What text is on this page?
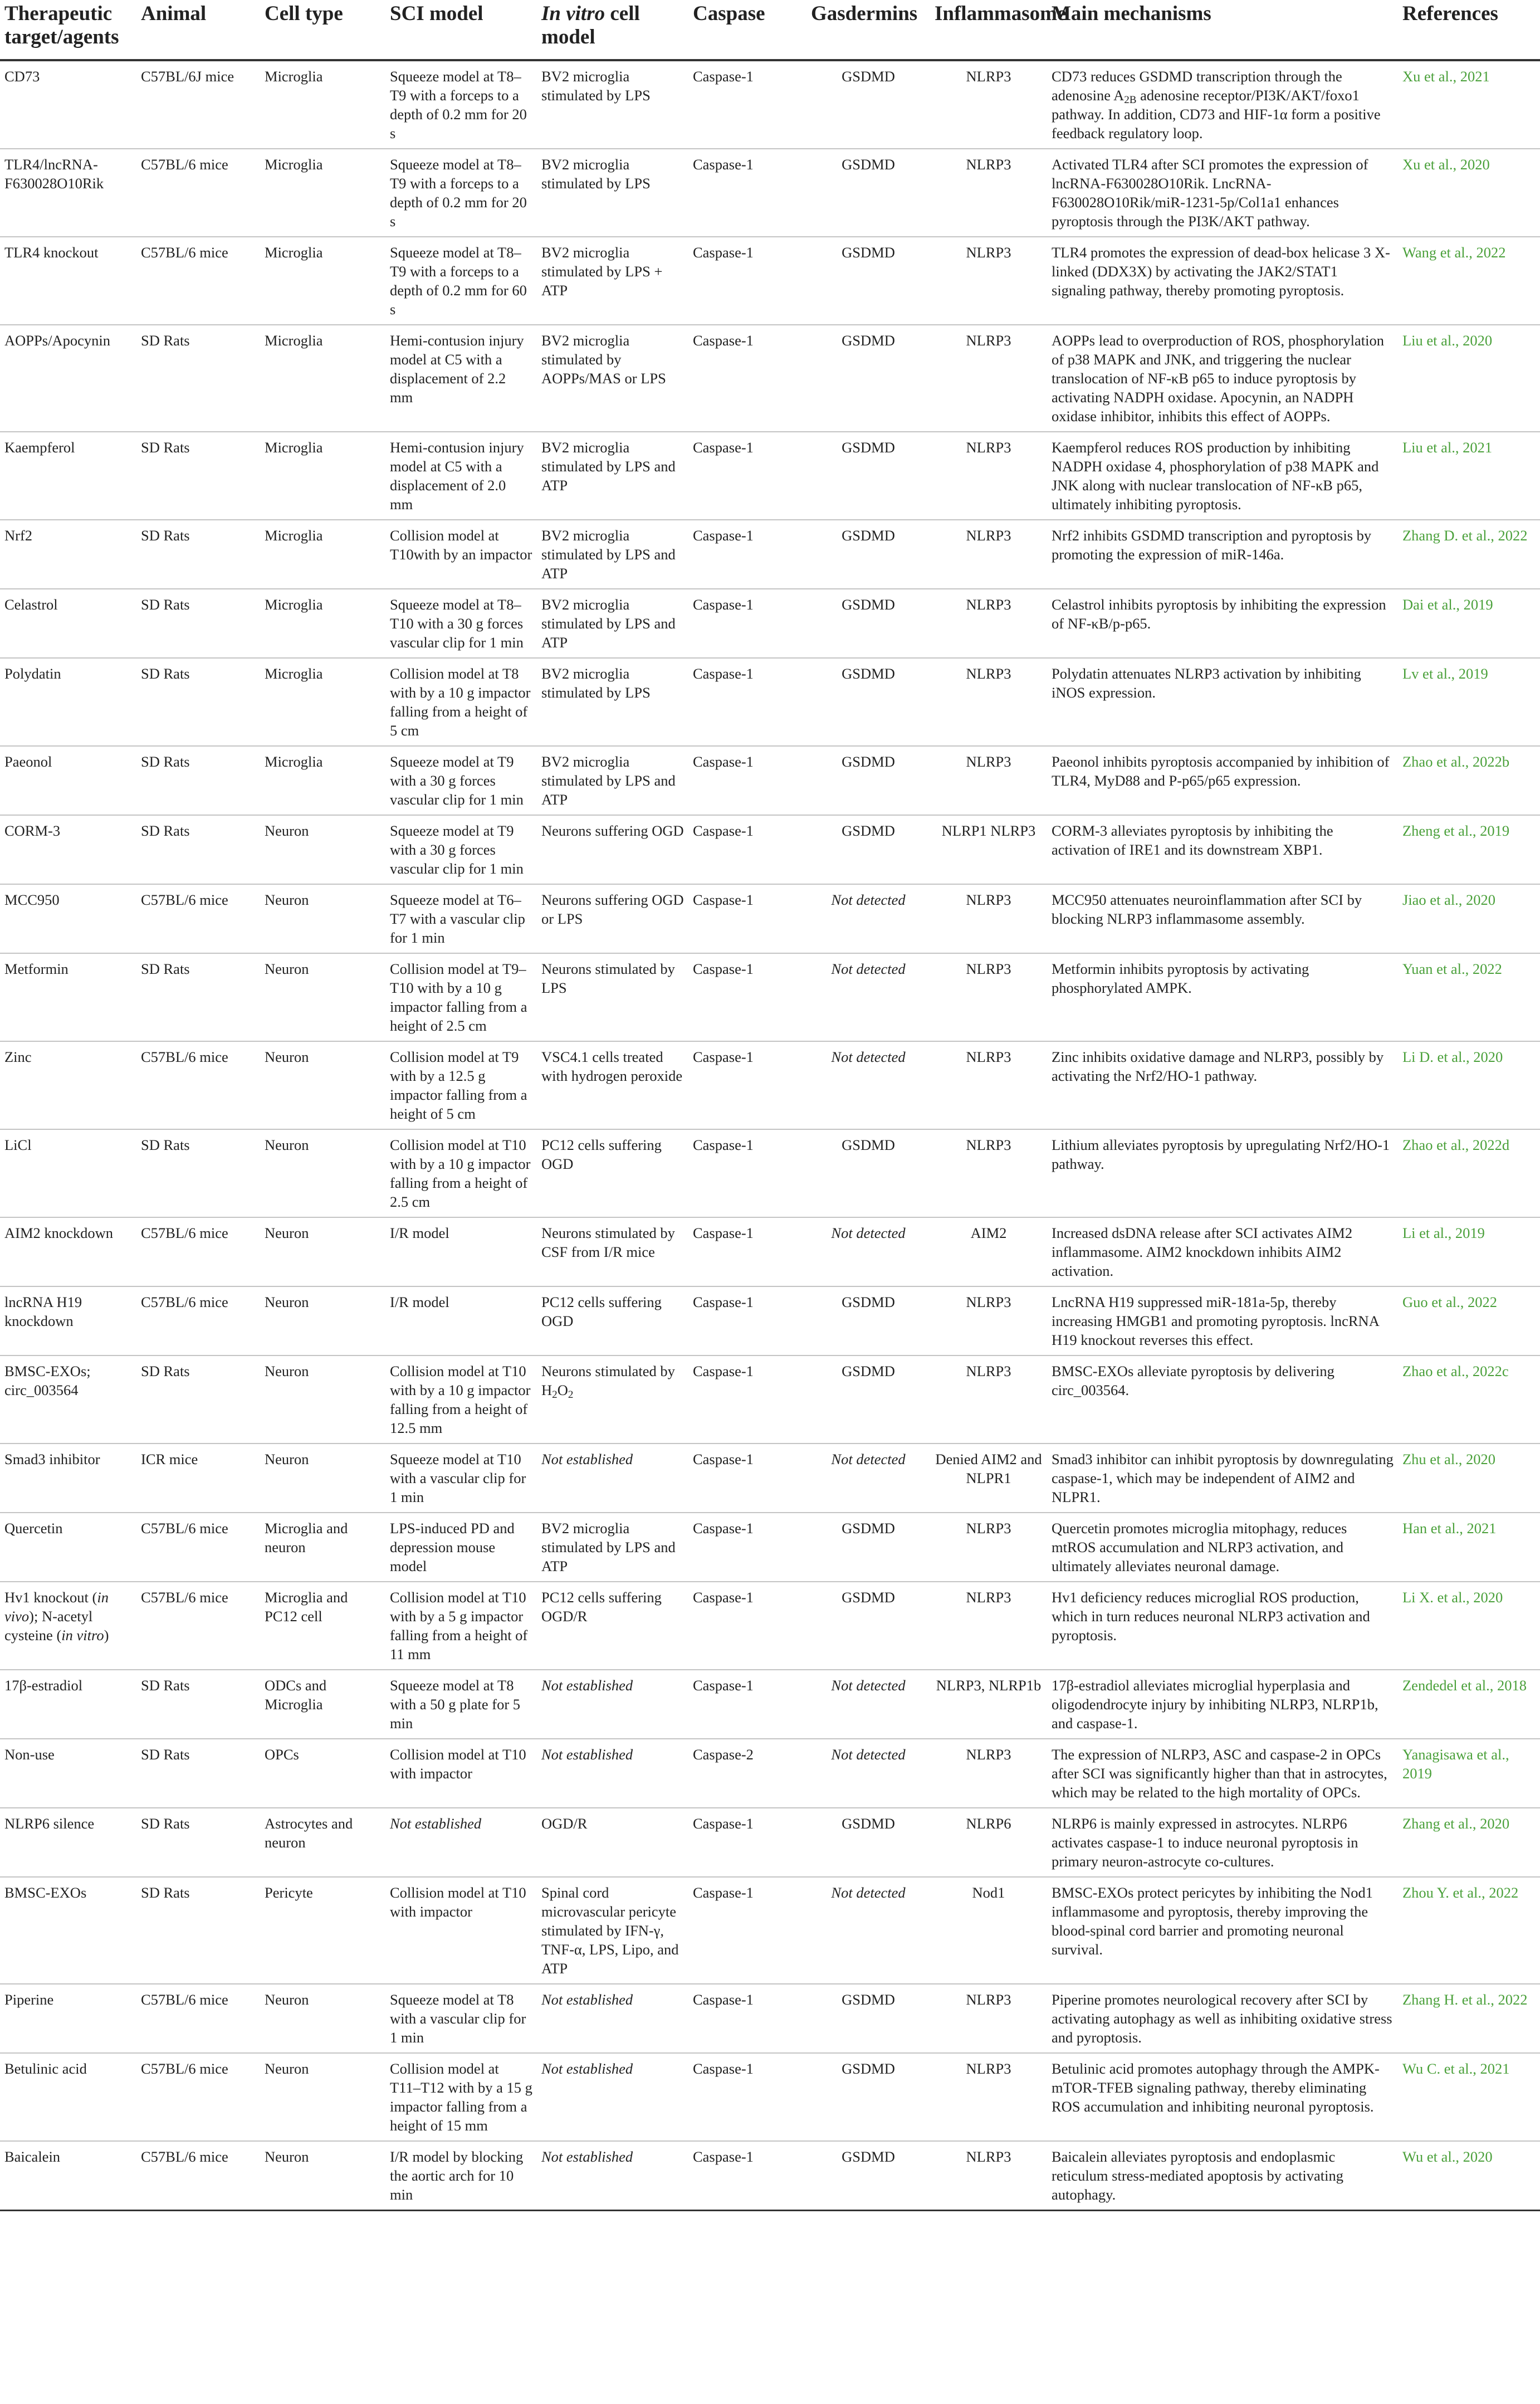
Therapeutic target/agents	Animal	Cell type	SCI model	In vitro cell model	Caspase	Gasdermins	Inflammasome	Main mechanisms	References
CD73	C57BL/6J mice	Microglia	Squeeze model at T8–T9 with a forceps to a depth of 0.2 mm for 20 s	BV2 microglia stimulated by LPS	Caspase-1	GSDMD	NLRP3	CD73 reduces GSDMD transcription through the adenosine $A_{2B}$ adenosine receptor/PI3K/AKT/foxo1 pathway. In addition, CD73 and HIF-1α form a positive feedback regulatory loop.	Xu et al., 2021
TLR4/lncRNA-F630028O10Rik	C57BL/6 mice	Microglia	Squeeze model at T8–T9 with a forceps to a depth of 0.2 mm for 20 s	BV2 microglia stimulated by LPS	Caspase-1	GSDMD	NLRP3	Activated TLR4 after SCI promotes the expression of lncRNA-F630028O10Rik. LncRNA-F630028O10Rik/miR-1231-5p/Col1a1 enhances pyroptosis through the PI3K/AKT pathway.	Xu et al., 2020
TLR4 knockout	C57BL/6 mice	Microglia	Squeeze model at T8–T9 with a forceps to a depth of 0.2 mm for 60 s	BV2 microglia stimulated by LPS + ATP	Caspase-1	GSDMD	NLRP3	TLR4 promotes the expression of dead-box helicase 3 X-linked (DDX3X) by activating the JAK2/STAT1 signaling pathway, thereby promoting pyroptosis.	Wang et al., 2022
AOPPs/Apocynin	SD Rats	Microglia	Hemi-contusion injury model at C5 with a displacement of 2.2 mm	BV2 microglia stimulated by AOPPs/MAS or LPS	Caspase-1	GSDMD	NLRP3	AOPPs lead to overproduction of ROS, phosphorylation of p38 MAPK and JNK, and triggering the nuclear translocation of NF-κB p65 to induce pyroptosis by activating NADPH oxidase. Apocynin, an NADPH oxidase inhibitor, inhibits this effect of AOPPs.	Liu et al., 2020
Kaempferol	SD Rats	Microglia	Hemi-contusion injury model at C5 with a displacement of 2.0 mm	BV2 microglia stimulated by LPS and ATP	Caspase-1	GSDMD	NLRP3	Kaempferol reduces ROS production by inhibiting NADPH oxidase 4, phosphorylation of p38 MAPK and JNK along with nuclear translocation of NF-κB p65, ultimately inhibiting pyroptosis.	Liu et al., 2021
Nrf2	SD Rats	Microglia	Collision model at T10with by an impactor	BV2 microglia stimulated by LPS and ATP	Caspase-1	GSDMD	NLRP3	Nrf2 inhibits GSDMD transcription and pyroptosis by promoting the expression of miR-146a.	Zhang D. et al., 2022
Celastrol	SD Rats	Microglia	Squeeze model at T8–T10 with a 30 g forces vascular clip for 1 min	BV2 microglia stimulated by LPS and ATP	Caspase-1	GSDMD	NLRP3	Celastrol inhibits pyroptosis by inhibiting the expression of NF-κB/p-p65.	Dai et al., 2019
Polydatin	SD Rats	Microglia	Collision model at T8 with by a 10 g impactor falling from a height of 5 cm	BV2 microglia stimulated by LPS	Caspase-1	GSDMD	NLRP3	Polydatin attenuates NLRP3 activation by inhibiting iNOS expression.	Lv et al., 2019
Paeonol	SD Rats	Microglia	Squeeze model at T9 with a 30 g forces vascular clip for 1 min	BV2 microglia stimulated by LPS and ATP	Caspase-1	GSDMD	NLRP3	Paeonol inhibits pyroptosis accompanied by inhibition of TLR4, MyD88 and P-p65/p65 expression.	Zhao et al., 2022b
CORM-3	SD Rats	Neuron	Squeeze model at T9 with a 30 g forces vascular clip for 1 min	Neurons suffering OGD	Caspase-1	GSDMD	NLRP1 NLRP3	CORM-3 alleviates pyroptosis by inhibiting the activation of IRE1 and its downstream XBP1.	Zheng et al., 2019
MCC950	C57BL/6 mice	Neuron	Squeeze model at T6–T7 with a vascular clip for 1 min	Neurons suffering OGD or LPS	Caspase-1	Not detected	NLRP3	MCC950 attenuates neuroinflammation after SCI by blocking NLRP3 inflammasome assembly.	Jiao et al., 2020
Metformin	SD Rats	Neuron	Collision model at T9–T10 with by a 10 g impactor falling from a height of 2.5 cm	Neurons stimulated by LPS	Caspase-1	Not detected	NLRP3	Metformin inhibits pyroptosis by activating phosphorylated AMPK.	Yuan et al., 2022
Zinc	C57BL/6 mice	Neuron	Collision model at T9 with by a 12.5 g impactor falling from a height of 5 cm	VSC4.1 cells treated with hydrogen peroxide	Caspase-1	Not detected	NLRP3	Zinc inhibits oxidative damage and NLRP3, possibly by activating the Nrf2/HO-1 pathway.	Li D. et al., 2020
LiCl	SD Rats	Neuron	Collision model at T10 with by a 10 g impactor falling from a height of 2.5 cm	PC12 cells suffering OGD	Caspase-1	GSDMD	NLRP3	Lithium alleviates pyroptosis by upregulating Nrf2/HO-1 pathway.	Zhao et al., 2022d
AIM2 knockdown	C57BL/6 mice	Neuron	I/R model	Neurons stimulated by CSF from I/R mice	Caspase-1	Not detected	AIM2	Increased dsDNA release after SCI activates AIM2 inflammasome. AIM2 knockdown inhibits AIM2 activation.	Li et al., 2019
lncRNA H19 knockdown	C57BL/6 mice	Neuron	I/R model	PC12 cells suffering OGD	Caspase-1	GSDMD	NLRP3	LncRNA H19 suppressed miR-181a-5p, thereby increasing HMGB1 and promoting pyroptosis. lncRNA H19 knockout reverses this effect.	Guo et al., 2022
BMSC-EXOs; circ_003564	SD Rats	Neuron	Collision model at T10 with by a 10 g impactor falling from a height of 12.5 mm	Neurons stimulated by $H_2O_2$	Caspase-1	GSDMD	NLRP3	BMSC-EXOs alleviate pyroptosis by delivering circ_003564.	Zhao et al., 2022c
Smad3 inhibitor	ICR mice	Neuron	Squeeze model at T10 with a vascular clip for 1 min	Not established	Caspase-1	Not detected	Denied AIM2 and NLPR1	Smad3 inhibitor can inhibit pyroptosis by downregulating caspase-1, which may be independent of AIM2 and NLPR1.	Zhu et al., 2020
Quercetin	C57BL/6 mice	Microglia and neuron	LPS-induced PD and depression mouse model	BV2 microglia stimulated by LPS and ATP	Caspase-1	GSDMD	NLRP3	Quercetin promotes microglia mitophagy, reduces mtROS accumulation and NLRP3 activation, and ultimately alleviates neuronal damage.	Han et al., 2021
Hv1 knockout (in vivo); N-acetyl cysteine (in vitro)	C57BL/6 mice	Microglia and PC12 cell	Collision model at T10 with by a 5 g impactor falling from a height of 11 mm	PC12 cells suffering OGD/R	Caspase-1	GSDMD	NLRP3	Hv1 deficiency reduces microglial ROS production, which in turn reduces neuronal NLRP3 activation and pyroptosis.	Li X. et al., 2020
17β-estradiol	SD Rats	ODCs and Microglia	Squeeze model at T8 with a 50 g plate for 5 min	Not established	Caspase-1	Not detected	NLRP3, NLRP1b	17β-estradiol alleviates microglial hyperplasia and oligodendrocyte injury by inhibiting NLRP3, NLRP1b, and caspase-1.	Zendedel et al., 2018
Non-use	SD Rats	OPCs	Collision model at T10 with impactor	Not established	Caspase-2	Not detected	NLRP3	The expression of NLRP3, ASC and caspase-2 in OPCs after SCI was significantly higher than that in astrocytes, which may be related to the high mortality of OPCs.	Yanagisawa et al., 2019
NLRP6 silence	SD Rats	Astrocytes and neuron	Not established	OGD/R	Caspase-1	GSDMD	NLRP6	NLRP6 is mainly expressed in astrocytes. NLRP6 activates caspase-1 to induce neuronal pyroptosis in primary neuron-astrocyte co-cultures.	Zhang et al., 2020
BMSC-EXOs	SD Rats	Pericyte	Collision model at T10 with impactor	Spinal cord microvascular pericyte stimulated by IFN-γ, TNF-α, LPS, Lipo, and ATP	Caspase-1	Not detected	Nod1	BMSC-EXOs protect pericytes by inhibiting the Nod1 inflammasome and pyroptosis, thereby improving the blood-spinal cord barrier and promoting neuronal survival.	Zhou Y. et al., 2022
Piperine	C57BL/6 mice	Neuron	Squeeze model at T8 with a vascular clip for 1 min	Not established	Caspase-1	GSDMD	NLRP3	Piperine promotes neurological recovery after SCI by activating autophagy as well as inhibiting oxidative stress and pyroptosis.	Zhang H. et al., 2022
Betulinic acid	C57BL/6 mice	Neuron	Collision model at T11–T12 with by a 15 g impactor falling from a height of 15 mm	Not established	Caspase-1	GSDMD	NLRP3	Betulinic acid promotes autophagy through the AMPK-mTOR-TFEB signaling pathway, thereby eliminating ROS accumulation and inhibiting neuronal pyroptosis.	Wu C. et al., 2021
Baicalein	C57BL/6 mice	Neuron	I/R model by blocking the aortic arch for 10 min	Not established	Caspase-1	GSDMD	NLRP3	Baicalein alleviates pyroptosis and endoplasmic reticulum stress-mediated apoptosis by activating autophagy.	Wu et al., 2020
